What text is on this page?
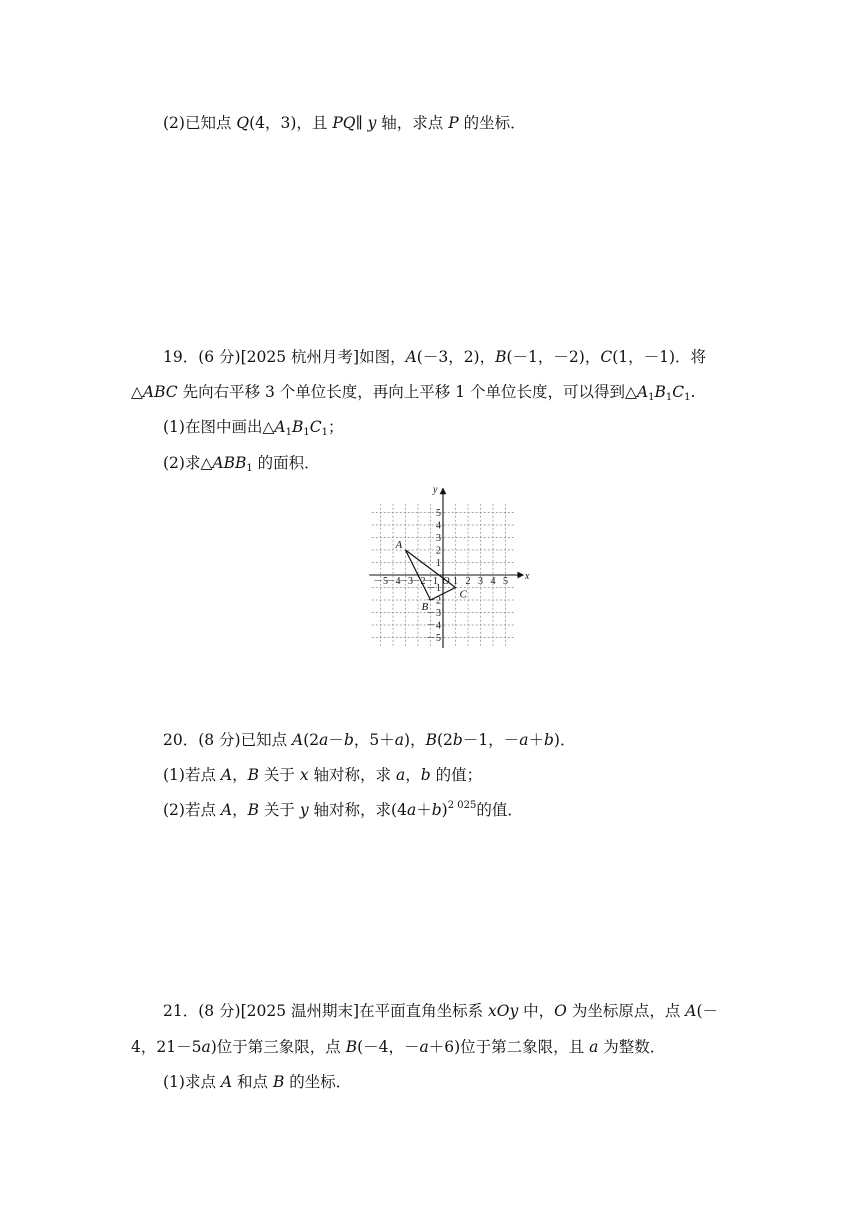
(2)已知点 Q(4，3)，且 PQ∥ y 轴，求点 P 的坐标．
19．(6 分)[2025 杭州月考]如图，A(－3，2)，B(－1，－2)，C(1，－1)．将
△ABC 先向右平移 3 个单位长度，再向上平移 1 个单位长度，可以得到$\triangle A_1B_1C_1$.
(1)在图中画出$\triangle A_1B_1C_1$；
(2)求$\triangle ABB_1$ 的面积．
－5
－4
－3
－2
－1 O 1 2 3 4 5
5
4
3
2
1
－1
－2
－3
－4
－5
x
y
A
B
C
20．(8 分)已知点 A(2a－b，5＋a)，B(2b－1，－a＋b)．
(1)若点 A，B 关于 x 轴对称，求 a，b 的值；
(2)若点 A，B 关于 y 轴对称，求$(4a+b)^{2 025}$的值．
21．(8 分)[2025 温州期末]在平面直角坐标系 xOy 中，O 为坐标原点，点 A(－
4，21－5a)位于第三象限，点 B(－4，－a＋6)位于第二象限，且 a 为整数．
(1)求点 A 和点 B 的坐标．
